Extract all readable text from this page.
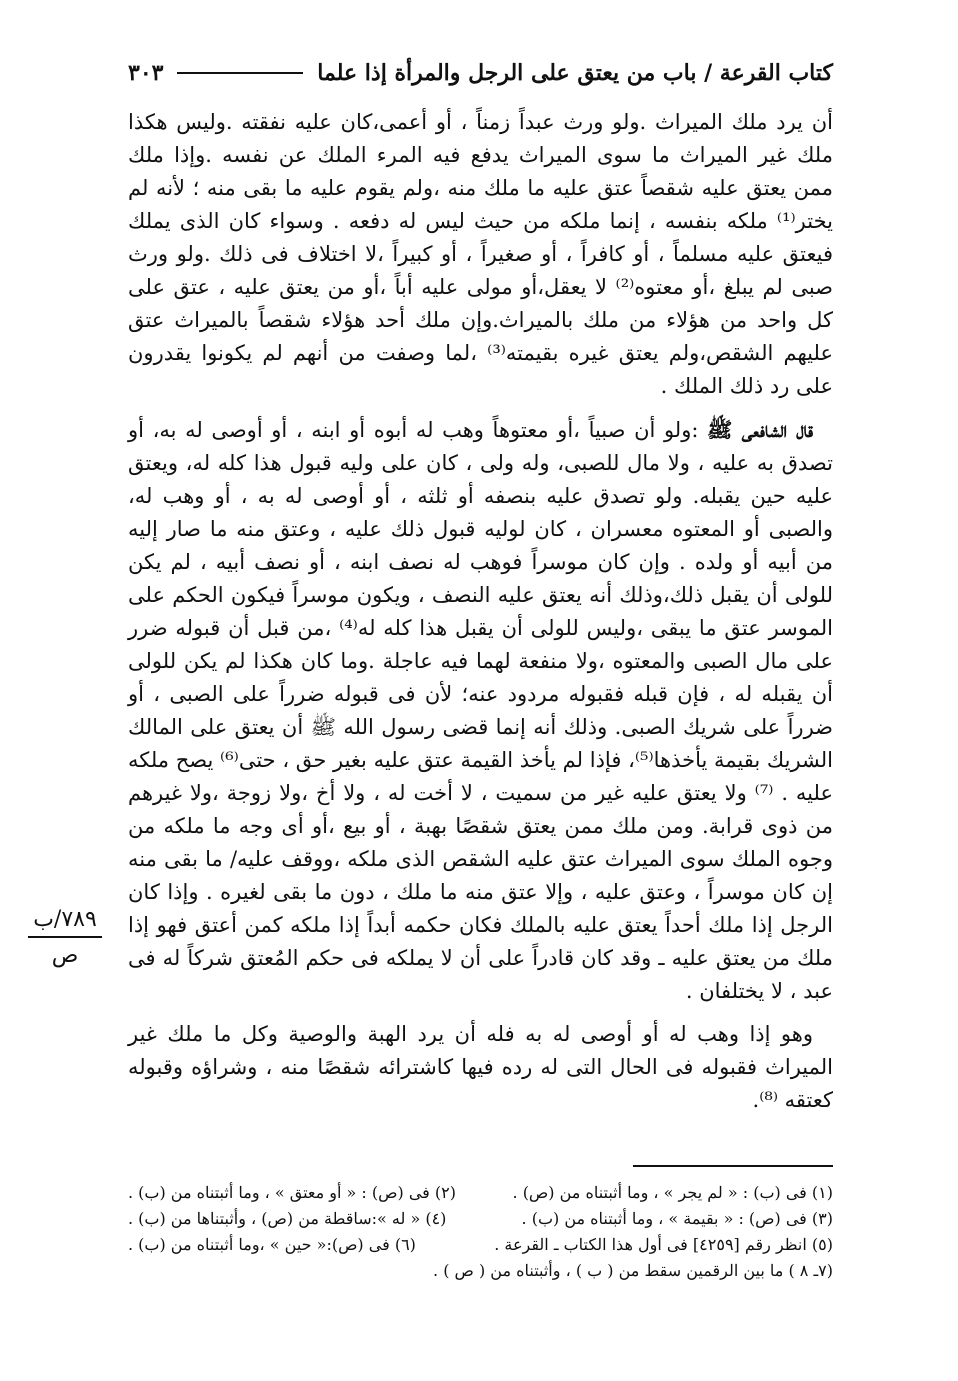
كتاب القرعة / باب من يعتق على الرجل والمرأة إذا علما
٣٠٣

أن يرد ملك الميراث .ولو ورث عبداً زمناً ، أو أعمى،كان عليه نفقته .وليس هكذا ملك غير الميراث ما سوى الميراث يدفع فيه المرء الملك عن نفسه .وإذا ملك ممن يعتق عليه شقصاً عتق عليه ما ملك منه ،ولم يقوم عليه ما بقى منه ؛ لأنه لم يختر⁽¹⁾ ملكه بنفسه ، إنما ملكه من حيث ليس له دفعه . وسواء كان الذى يملك فيعتق عليه مسلماً ، أو كافراً ، أو صغيراً ، أو كبيراً ،لا اختلاف فى ذلك .ولو ورث صبى لم يبلغ ،أو معتوه⁽²⁾ لا يعقل،أو مولى عليه أباً ،أو من يعتق عليه ، عتق على كل واحد من هؤلاء من ملك بالميراث.وإن ملك أحد هؤلاء شقصاً بالميراث عتق عليهم الشقص،ولم يعتق غيره بقيمته⁽³⁾ ،لما وصفت من أنهم لم يكونوا يقدرون على رد ذلك الملك .

قال الشافعى ﷺ :ولو أن صبياً ،أو معتوهاً وهب له أبوه أو ابنه ، أو أوصى له به، أو تصدق به عليه ، ولا مال للصبى، وله ولى ، كان على وليه قبول هذا كله له، ويعتق عليه حين يقبله. ولو تصدق عليه بنصفه أو ثلثه ، أو أوصى له به ، أو وهب له، والصبى أو المعتوه معسران ، كان لوليه قبول ذلك عليه ، وعتق منه ما صار إليه من أبيه أو ولده . وإن كان موسراً فوهب له نصف ابنه ، أو نصف أبيه ، لم يكن للولى أن يقبل ذلك،وذلك أنه يعتق عليه النصف ، ويكون موسراً فيكون الحكم على الموسر عتق ما يبقى ،وليس للولى أن يقبل هذا كله له⁽⁴⁾ ،من قبل أن قبوله ضرر على مال الصبى والمعتوه ،ولا منفعة لهما فيه عاجلة .وما كان هكذا لم يكن للولى أن يقبله له ، فإن قبله فقبوله مردود عنه؛ لأن فى قبوله ضرراً على الصبى ، أو ضرراً على شريك الصبى. وذلك أنه إنما قضى رسول الله ﷺ أن يعتق على المالك الشريك بقيمة يأخذها⁽⁵⁾، فإذا لم يأخذ القيمة عتق عليه بغير حق ، حتى⁽⁶⁾ يصح ملكه عليه . ⁽⁷⁾ ولا يعتق عليه غير من سميت ، لا أخت له ، ولا أخ ،ولا زوجة ،ولا غيرهم من ذوى قرابة. ومن ملك ممن يعتق شقصًا بهبة ، أو بيع ،أو أى وجه ما ملكه من وجوه الملك سوى الميراث عتق عليه الشقص الذى ملكه ،ووقف عليه/ ما بقى منه إن كان موسراً ، وعتق عليه ، وإلا عتق منه ما ملك ، دون ما بقى لغيره . وإذا كان الرجل إذا ملك أحداً يعتق عليه بالملك فكان حكمه أبداً إذا ملكه كمن أعتق فهو إذا ملك من يعتق عليه ـ وقد كان قادراً على أن لا يملكه فى حكم المُعتق شركاً له فى عبد ، لا يختلفان .

وهو إذا وهب له أو أوصى له به فله أن يرد الهبة والوصية وكل ما ملك غير الميراث فقبوله فى الحال التى له رده فيها كاشترائه شقصًا منه ، وشراؤه وقبوله كعتقه ⁽⁸⁾.

٧٨٩/ب
ص
(١) فى (ب) : « لم يجر » ، وما أثبتناه من (ص) .
(٢) فى (ص) : « أو معتق » ، وما أثبتناه من (ب) .
(٣) فى (ص) : « بقيمة » ، وما أثبتناه من (ب) .
(٤) « له »:ساقطة من (ص) ، وأثبتناها من (ب) .
(٥) انظر رقم [٤٢٥٩] فى أول هذا الكتاب ـ القرعة .
(٦) فى (ص):« حين » ،وما أثبتناه من (ب) .
(٧ـ ٨ ) ما بين الرقمين سقط من ( ب ) ، وأثبتناه من ( ص ) .
